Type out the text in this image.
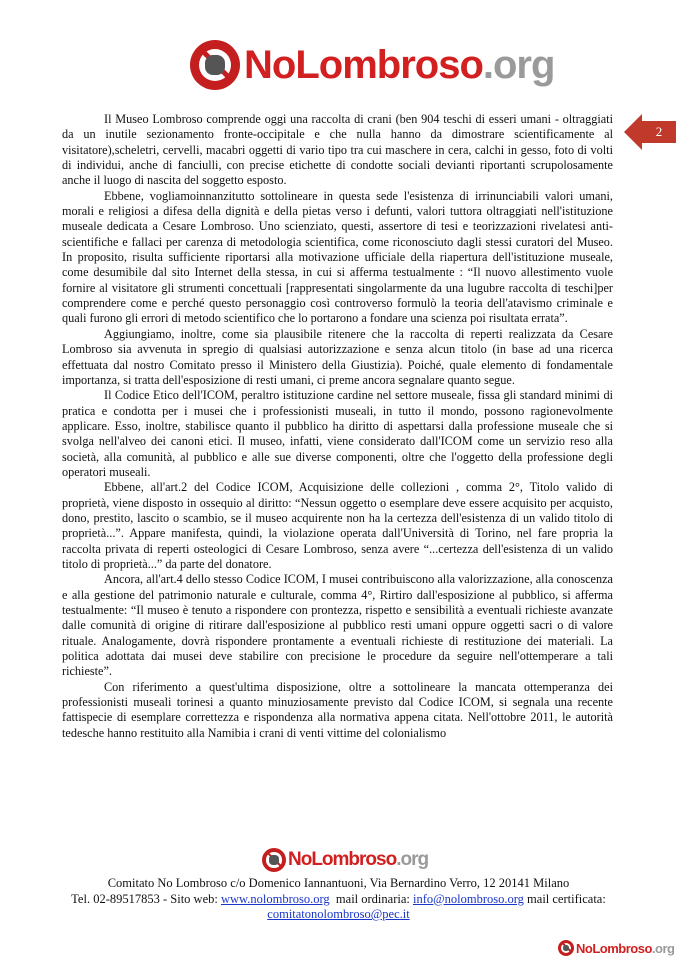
No Lombroso .org
2

Il Museo Lombroso comprende oggi una raccolta di crani (ben 904 teschi di esseri umani - oltraggiati da un inutile sezionamento fronte-occipitale e che nulla hanno da dimostrare scientificamente al visitatore),scheletri, cervelli, macabri oggetti di vario tipo tra cui maschere in cera, calchi in gesso, foto di volti di individui, anche di fanciulli, con precise etichette di condotte sociali devianti riportanti scrupolosamente anche il luogo di nascita del soggetto esposto.

Ebbene, vogliamoinnanzitutto sottolineare in questa sede l'esistenza di irrinunciabili valori umani, morali e religiosi a difesa della dignità e della pietas verso i defunti, valori tuttora oltraggiati nell'istituzione museale dedicata a Cesare Lombroso. Uno scienziato, questi, assertore di tesi e teorizzazioni rivelatesi anti-scientifiche e fallaci per carenza di metodologia scientifica, come riconosciuto dagli stessi curatori del Museo. In proposito, risulta sufficiente riportarsi alla motivazione ufficiale della riapertura dell'istituzione museale, come desumibile dal sito Internet della stessa, in cui si afferma testualmente : “Il nuovo allestimento vuole fornire al visitatore gli strumenti concettuali [rappresentati singolarmente da una lugubre raccolta di teschi]per comprendere come e perché questo personaggio così controverso formulò la teoria dell'atavismo criminale e quali furono gli errori di metodo scientifico che lo portarono a fondare una scienza poi risultata errata”.

Aggiungiamo, inoltre, come sia plausibile ritenere che la raccolta di reperti realizzata da Cesare Lombroso sia avvenuta in spregio di qualsiasi autorizzazione e senza alcun titolo (in base ad una ricerca effettuata dal nostro Comitato presso il Ministero della Giustizia). Poiché, quale elemento di fondamentale importanza, si tratta dell'esposizione di resti umani, ci preme ancora segnalare quanto segue.

Il Codice Etico dell'ICOM, peraltro istituzione cardine nel settore museale, fissa gli standard minimi di pratica e condotta per i musei che i professionisti museali, in tutto il mondo, possono ragionevolmente applicare. Esso, inoltre, stabilisce quanto il pubblico ha diritto di aspettarsi dalla professione museale che si svolga nell'alveo dei canoni etici. Il museo, infatti, viene considerato dall'ICOM come un servizio reso alla società, alla comunità, al pubblico e alle sue diverse componenti, oltre che l'oggetto della professione degli operatori museali.

Ebbene, all'art.2 del Codice ICOM, Acquisizione delle collezioni , comma 2°, Titolo valido di proprietà, viene disposto in ossequio al diritto: “Nessun oggetto o esemplare deve essere acquisito per acquisto, dono, prestito, lascito o scambio, se il museo acquirente non ha la certezza dell'esistenza di un valido titolo di proprietà...”. Appare manifesta, quindi, la violazione operata dall'Università di Torino, nel fare propria la raccolta privata di reperti osteologici di Cesare Lombroso, senza avere “...certezza dell'esistenza di un valido titolo di proprietà...” da parte del donatore.

Ancora, all'art.4 dello stesso Codice ICOM, I musei contribuiscono alla valorizzazione, alla conoscenza e alla gestione del patrimonio naturale e culturale, comma 4°, Rirtiro dall'esposizione al pubblico, si afferma testualmente: “Il museo è tenuto a rispondere con prontezza, rispetto e sensibilità a eventuali richieste avanzate dalle comunità di origine di ritirare dall'esposizione al pubblico resti umani oppure oggetti sacri o di valore rituale. Analogamente, dovrà rispondere prontamente a eventuali richieste di restituzione dei materiali. La politica adottata dai musei deve stabilire con precisione le procedure da seguire nell'ottemperare a tali richieste”.

Con riferimento a quest'ultima disposizione, oltre a sottolineare la mancata ottemperanza dei professionisti museali torinesi a quanto minuziosamente previsto dal Codice ICOM, si segnala una recente fattispecie di esemplare correttezza e rispondenza alla normativa appena citata. Nell'ottobre 2011, le autorità tedesche hanno restituito alla Namibia i crani di venti vittime del colonialismo

No Lombroso .org
Comitato No Lombroso c/o Domenico Iannantuoni, Via Bernardino Verro, 12 20141 Milano
Tel. 02-89517853 - Sito web: www.nolombroso.org  mail ordinaria: info@nolombroso.org mail certificata: comitatonolombroso@pec.it
No Lombroso .org
